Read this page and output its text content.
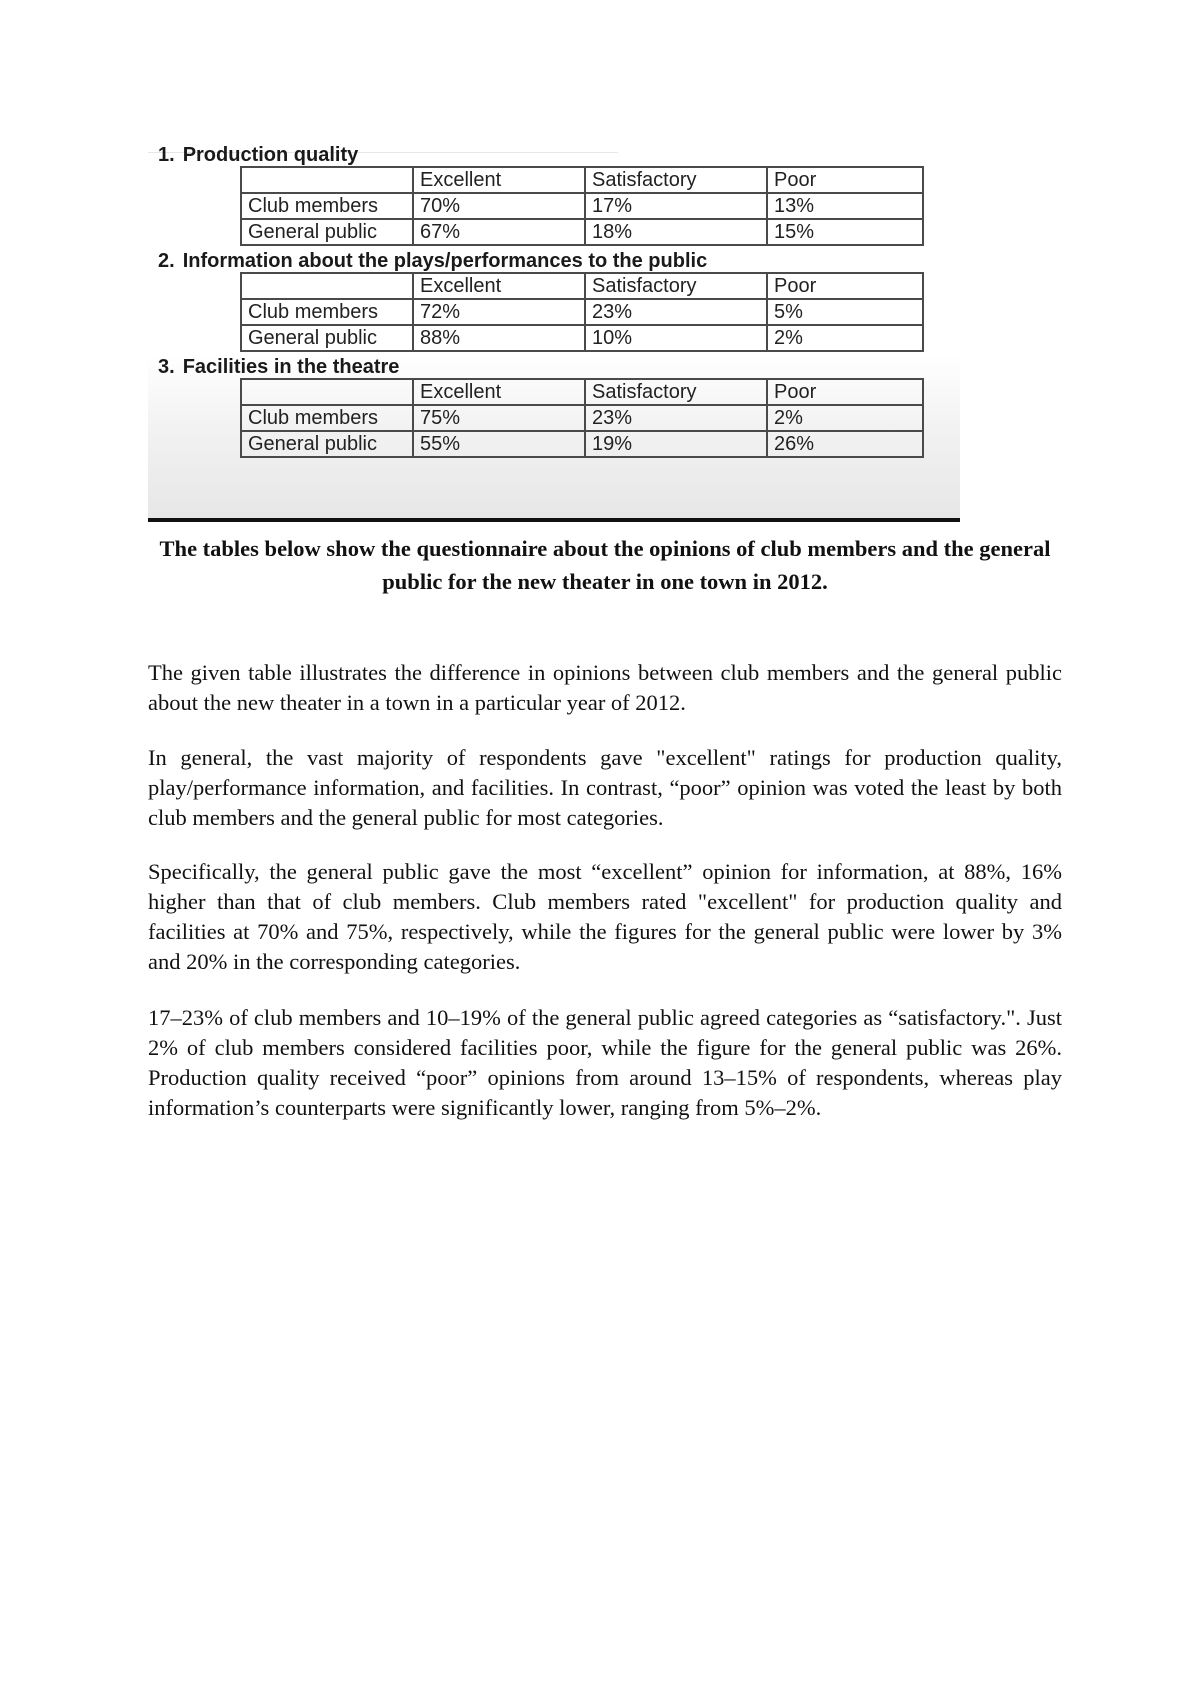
1. Production quality
	Excellent	Satisfactory	Poor
Club members	70%	17%	13%
General public	67%	18%	15%
2. Information about the plays/performances to the public
	Excellent	Satisfactory	Poor
Club members	72%	23%	5%
General public	88%	10%	2%
3. Facilities in the theatre
	Excellent	Satisfactory	Poor
Club members	75%	23%	2%
General public	55%	19%	26%
The tables below show the questionnaire about the opinions of club members and the general public for the new theater in one town in 2012.

The given table illustrates the difference in opinions between club members and the general public about the new theater in a town in a particular year of 2012.

In general, the vast majority of respondents gave "excellent" ratings for production quality, play/performance information, and facilities. In contrast, “poor” opinion was voted the least by both club members and the general public for most categories.

Specifically, the general public gave the most “excellent” opinion for information, at 88%, 16% higher than that of club members. Club members rated "excellent" for production quality and facilities at 70% and 75%, respectively, while the figures for the general public were lower by 3% and 20% in the corresponding categories.

17–23% of club members and 10–19% of the general public agreed categories as “satisfactory.". Just 2% of club members considered facilities poor, while the figure for the general public was 26%. Production quality received “poor” opinions from around 13–15% of respondents, whereas play information’s counterparts were significantly lower, ranging from 5%–2%.
